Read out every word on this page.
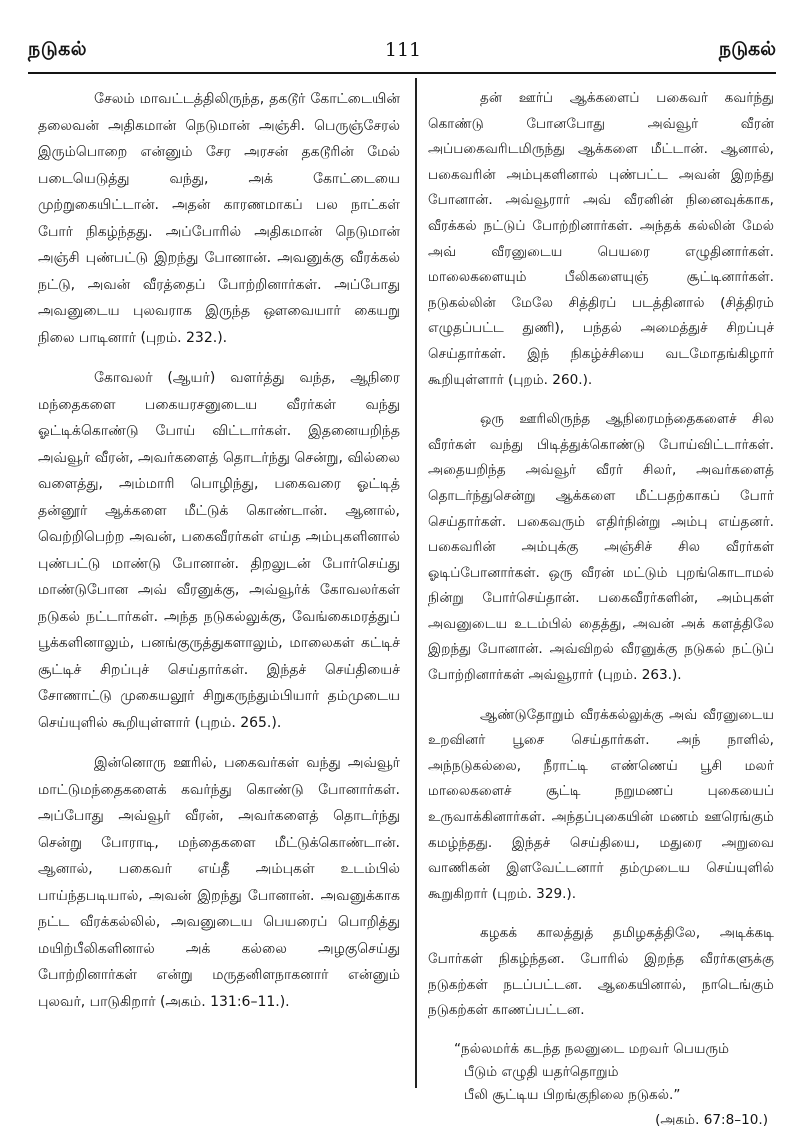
நடுகல்	111	நடுகல்

சேலம் மாவட்டத்திலிருந்த, தகடூர் கோட்டையின் தலைவன் அதிகமான் நெடுமான் அஞ்சி. பெருஞ்சேரல் இரும்பொறை என்னும் சேர அரசன் தகடூரின் மேல் படையெடுத்து வந்து, அக் கோட்டையை முற்றுகையிட்டான். அதன் காரணமாகப் பல நாட்கள் போர் நிகழ்ந்தது. அப்போரில் அதிகமான் நெடுமான் அஞ்சி புண்பட்டு இறந்து போனான். அவனுக்கு வீரக்கல் நட்டு, அவன் வீரத்தைப் போற்றினார்கள். அப்போது அவனுடைய புலவராக இருந்த ஔவையார் கையறு நிலை பாடினார் (புறம். 232.).

கோவலர் (ஆயர்) வளர்த்து வந்த, ஆநிரை மந்தைகளை பகையரசனுடைய வீரர்கள் வந்து ஓட்டிக்கொண்டு போய் விட்டார்கள். இதனையறிந்த அவ்வூர் வீரன், அவர்களைத் தொடர்ந்து சென்று, வில்லை வளைத்து, அம்மாரி பொழிந்து, பகைவரை ஓட்டித் தன்னூர் ஆக்களை மீட்டுக் கொண்டான். ஆனால், வெற்றிபெற்ற அவன், பகைவீரர்கள் எய்த அம்புகளினால் புண்பட்டு மாண்டு போனான். திறலுடன் போர்செய்து மாண்டுபோன அவ் வீரனுக்கு, அவ்வூர்க் கோவலர்கள் நடுகல் நட்டார்கள். அந்த நடுகல்லுக்கு, வேங்கைமரத்துப் பூக்களினாலும், பனங்குருத்துகளாலும், மாலைகள் கட்டிச் சூட்டிச் சிறப்புச் செய்தார்கள். இந்தச் செய்தியைச் சோணாட்டு முகையலூர் சிறுகருந்தும்பியார் தம்முடைய செய்யுளில் கூறியுள்ளார் (புறம். 265.).

இன்னொரு ஊரில், பகைவர்கள் வந்து அவ்வூர் மாட்டுமந்தைகளைக் கவர்ந்து கொண்டு போனார்கள். அப்போது அவ்வூர் வீரன், அவர்களைத் தொடர்ந்து சென்று போராடி, மந்தைகளை மீட்டுக்கொண்டான். ஆனால், பகைவர் எய்தீ அம்புகள் உடம்பில் பாய்ந்தபடியால், அவன் இறந்து போனான். அவனுக்காக நட்ட வீரக்கல்லில், அவனுடைய பெயரைப் பொறித்து மயிற்பீலிகளினால் அக் கல்லை அழகுசெய்து போற்றினார்கள் என்று மருதனிளநாகனார் என்னும் புலவர், பாடுகிறார் (அகம். 131:6–11.).

தன் ஊர்ப் ஆக்களைப் பகைவர் கவர்ந்து கொண்டு போனபோது அவ்வூர் வீரன் அப்பகைவரிடமிருந்து ஆக்களை மீட்டான். ஆனால், பகைவரின் அம்புகளினால் புண்பட்ட அவன் இறந்து போனான். அவ்வூரார் அவ் வீரனின் நினைவுக்காக, வீரக்கல் நட்டுப் போற்றினார்கள். அந்தக் கல்லின் மேல் அவ் வீரனுடைய பெயரை எழுதினார்கள். மாலைகளையும் பீலிகளையுஞ் சூட்டினார்கள். நடுகல்லின் மேலே சித்திரப் படத்தினால் (சித்திரம் எழுதப்பட்ட துணி), பந்தல் அமைத்துச் சிறப்புச் செய்தார்கள். இந் நிகழ்ச்சியை வடமோதங்கிழார் கூறியுள்ளார் (புறம். 260.).

ஒரு ஊரிலிருந்த ஆநிரைமந்தைகளைச் சில வீரர்கள் வந்து பிடித்துக்கொண்டு போய்விட்டார்கள். அதையறிந்த அவ்வூர் வீரர் சிலர், அவர்களைத் தொடர்ந்துசென்று ஆக்களை மீட்பதற்காகப் போர் செய்தார்கள். பகைவரும் எதிர்நின்று அம்பு எய்தனர். பகைவரின் அம்புக்கு அஞ்சிச் சில வீரர்கள் ஓடிப்போனார்கள். ஒரு வீரன் மட்டும் புறங்கொடாமல் நின்று போர்செய்தான். பகைவீரர்களின், அம்புகள் அவனுடைய உடம்பில் தைத்து, அவன் அக் களத்திலே இறந்து போனான். அவ்விறல் வீரனுக்கு நடுகல் நட்டுப் போற்றினார்கள் அவ்வூரார் (புறம். 263.).

ஆண்டுதோறும் வீரக்கல்லுக்கு அவ் வீரனுடைய உறவினர் பூசை செய்தார்கள். அந் நாளில், அந்நடுகல்லை, நீராட்டி எண்ணெய் பூசி மலர் மாலைகளைச் சூட்டி நறுமணப் புகையைப் உருவாக்கினார்கள். அந்தப்புகையின் மணம் ஊரெங்கும் கமழ்ந்தது. இந்தச் செய்தியை, மதுரை அறுவை வாணிகன் இளவேட்டனார் தம்முடைய செய்யுளில் கூறுகிறார் (புறம். 329.).

கழகக் காலத்துத் தமிழகத்திலே, அடிக்கடி போர்கள் நிகழ்ந்தன. போரில் இறந்த வீரர்களுக்கு நடுகற்கள் நடப்பட்டன. ஆகையினால், நாடெங்கும் நடுகற்கள் காணப்பட்டன.

“நல்லமர்க் கடந்த நலனுடை மறவர் பெயரும்
பீடும் எழுதி யதர்தொறும்
பீலி சூட்டிய பிறங்குநிலை நடுகல்.”
(அகம். 67:8–10.)
